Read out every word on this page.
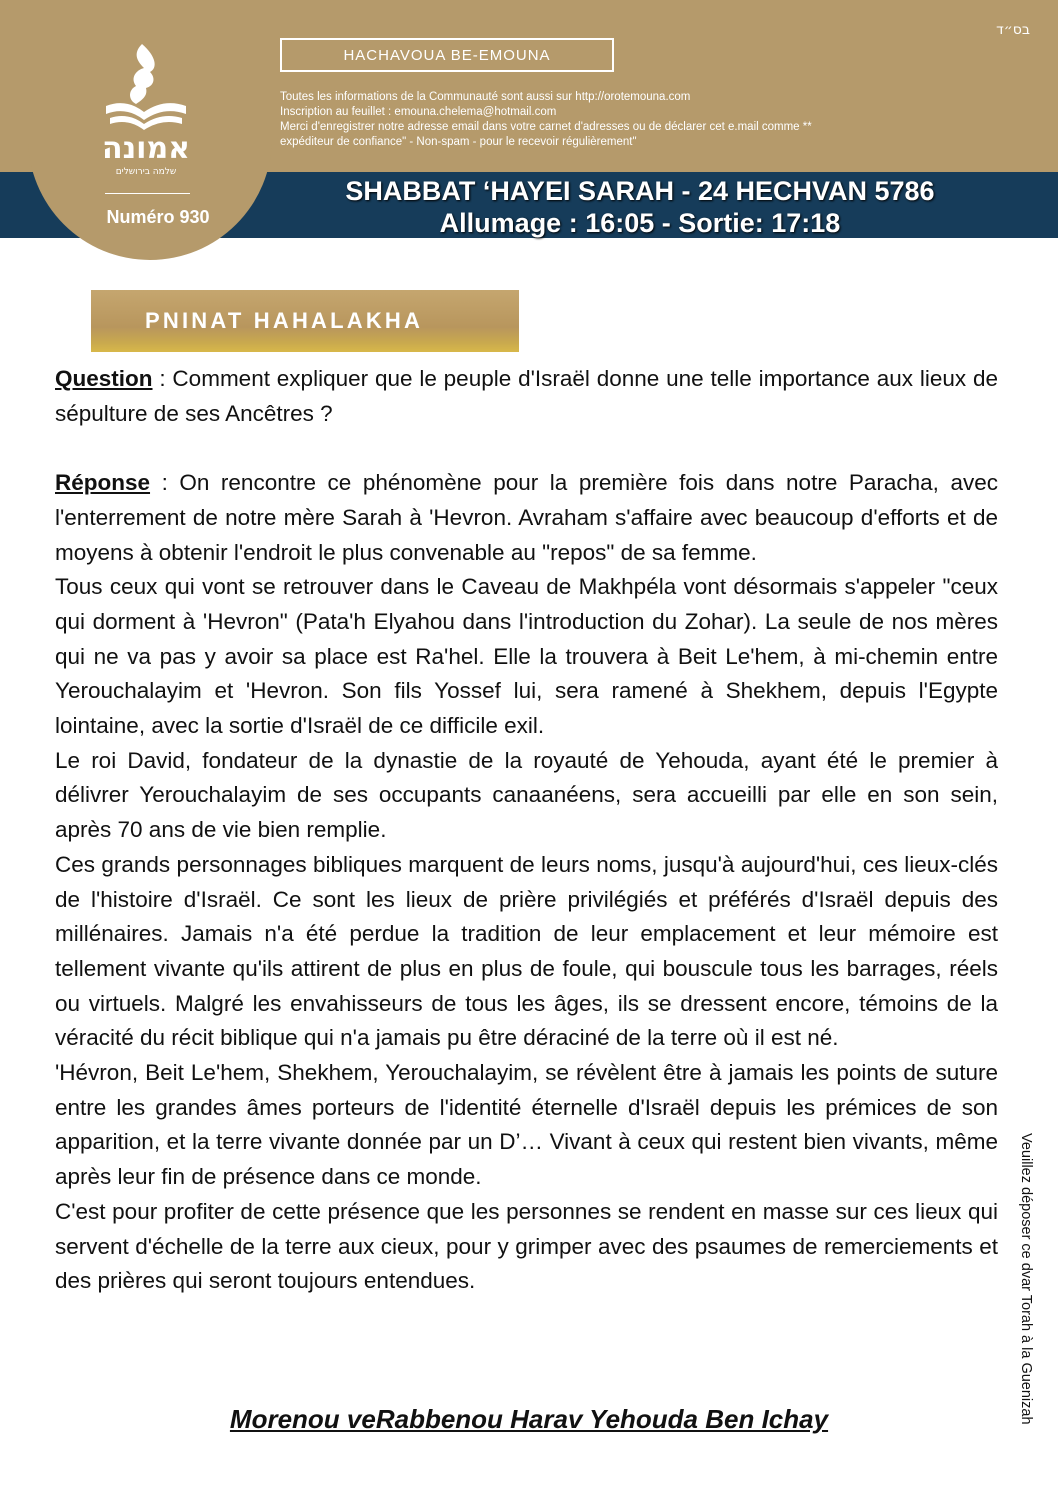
בס״ד
HACHAVOUA BE-EMOUNA
Toutes les informations de la Communauté sont aussi sur http://orotemouna.com
Inscription au feuillet : emouna.chelema@hotmail.com
Merci d'enregistrer notre adresse email dans votre carnet d'adresses ou de déclarer cet e.mail comme **
expéditeur de confiance" - Non-spam - pour le recevoir régulièrement"
SHABBAT ‘HAYEI SARAH - 24 HECHVAN 5786
Allumage : 16:05 - Sortie: 17:18
אמונה
שלמה בירושלים
Numéro 930
PNINAT HAHALAKHA

Question : Comment expliquer que le peuple d'Israël donne une telle importance aux lieux de sépulture de ses Ancêtres ?

Réponse : On rencontre ce phénomène pour la première fois dans notre Paracha, avec l'enterrement de notre mère Sarah à 'Hevron. Avraham s'affaire avec beaucoup d'efforts et de moyens à obtenir l'endroit le plus convenable au "repos" de sa femme.

Tous ceux qui vont se retrouver dans le Caveau de Makhpéla vont désormais s'appeler "ceux qui dorment à 'Hevron" (Pata'h Elyahou dans l'introduction du Zohar). La seule de nos mères qui ne va pas y avoir sa place est Ra'hel. Elle la trouvera à Beit Le'hem, à mi-chemin entre Yerouchalayim et 'Hevron. Son fils Yossef lui, sera ramené à Shekhem, depuis l'Egypte lointaine, avec la sortie d'Israël de ce difficile exil.

Le roi David, fondateur de la dynastie de la royauté de Yehouda, ayant été le premier à délivrer Yerouchalayim de ses occupants canaanéens, sera accueilli par elle en son sein, après 70 ans de vie bien remplie.

Ces grands personnages bibliques marquent de leurs noms, jusqu'à aujourd'hui, ces lieux-clés de l'histoire d'Israël. Ce sont les lieux de prière privilégiés et préférés d'Israël depuis des millénaires. Jamais n'a été perdue la tradition de leur emplacement et leur mémoire est tellement vivante qu'ils attirent de plus en plus de foule, qui bouscule tous les barrages, réels ou virtuels. Malgré les envahisseurs de tous les âges, ils se dressent encore, témoins de la véracité du récit biblique qui n'a jamais pu être déraciné de la terre où il est né.

'Hévron, Beit Le'hem, Shekhem, Yerouchalayim, se révèlent être à jamais les points de suture entre les grandes âmes porteurs de l'identité éternelle d'Israël depuis les prémices de son apparition, et la terre vivante donnée par un D’… Vivant à ceux qui restent bien vivants, même après leur fin de présence dans ce monde.

C'est pour profiter de cette présence que les personnes se rendent en masse sur ces lieux qui servent d'échelle de la terre aux cieux, pour y grimper avec des psaumes de remerciements et des prières qui seront toujours entendues.

Morenou veRabbenou Harav Yehouda Ben Ichay	Veuillez déposer ce dvar Torah à la Guenizah
